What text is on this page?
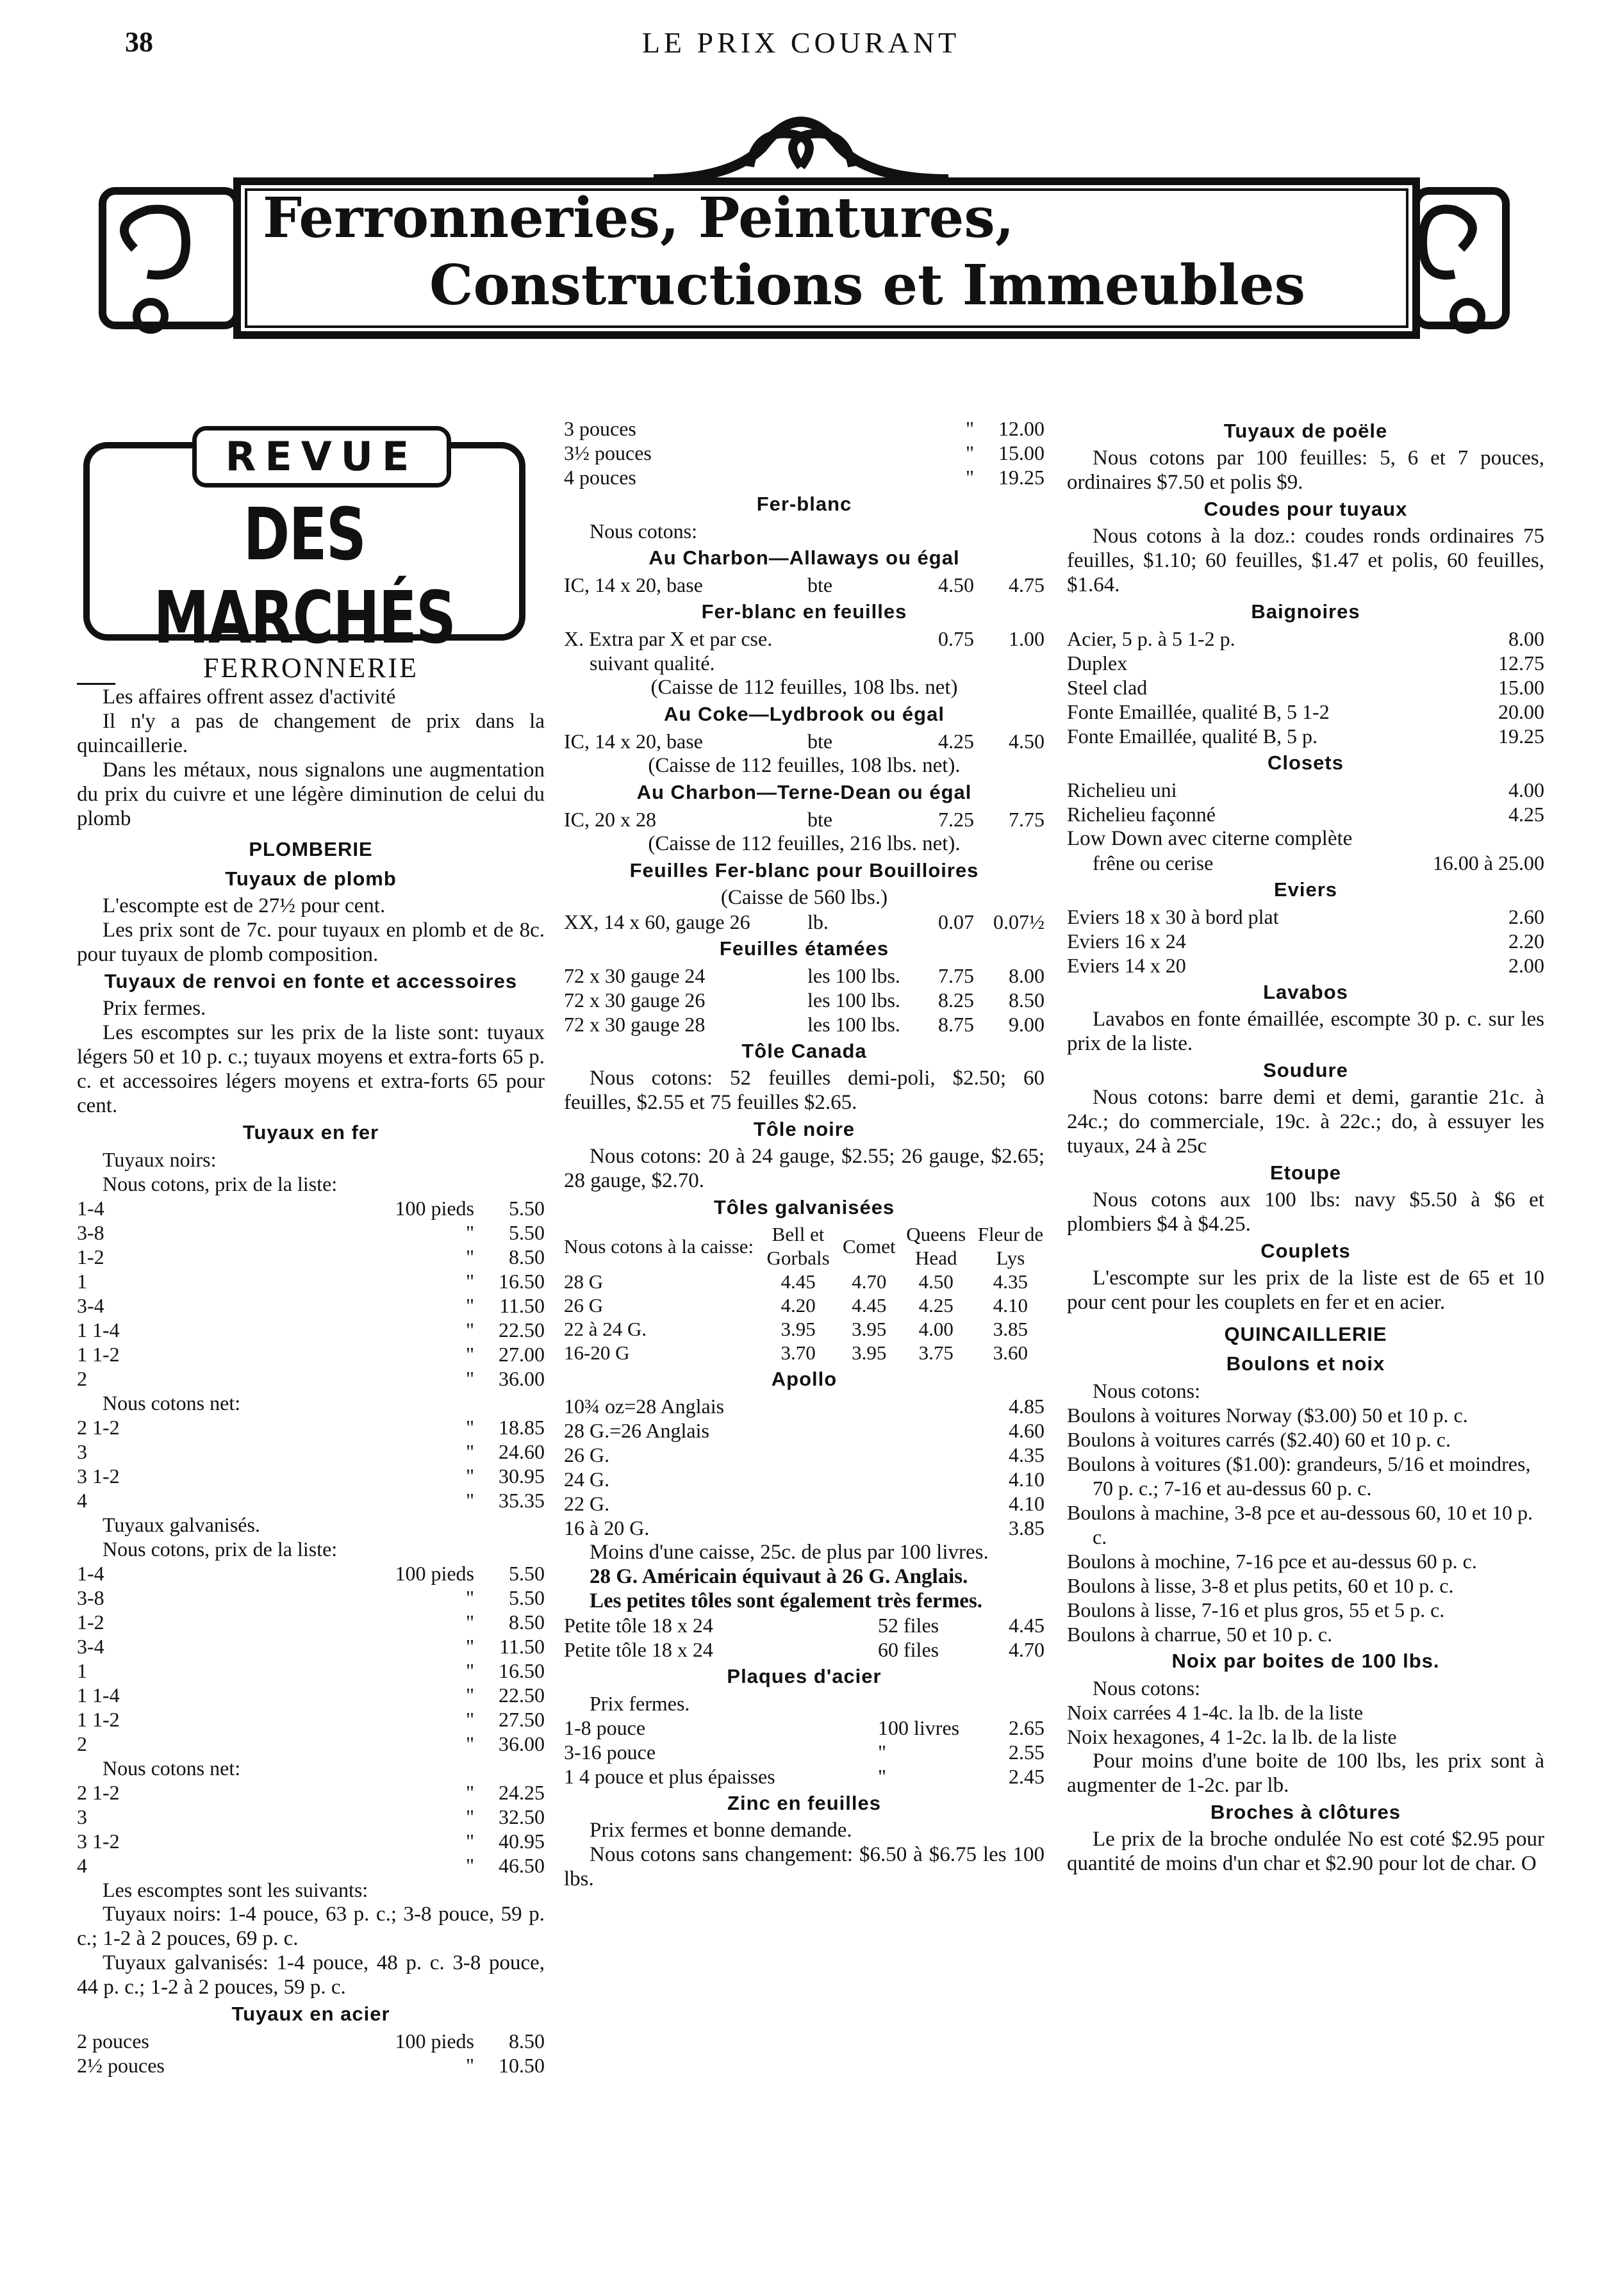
38	LE PRIX COURANT
Ferronneries, Peintures,
Constructions et Immeubles
REVUE
DES MARCHÉS
FERRONNERIE

Les affaires offrent assez d'activité

Il n'y a pas de changement de prix dans la quincaillerie.

Dans les métaux, nous signalons une augmentation du prix du cuivre et une légère diminution de celui du plomb

PLOMBERIE
Tuyaux de plomb

L'escompte est de 27½ pour cent.

Les prix sont de 7c. pour tuyaux en plomb et de 8c. pour tuyaux de plomb composition.

Tuyaux de renvoi en fonte et accessoires

Prix fermes.

Les escomptes sur les prix de la liste sont: tuyaux légers 50 et 10 p. c.; tuyaux moyens et extra-forts 65 p. c. et accessoires légers moyens et extra-forts 65 pour cent.

Tuyaux en fer
Tuyaux noirs:
Nous cotons, prix de la liste:
1-4	100 pieds	5.50
3-8	"	5.50
1-2	"	8.50
1	"	16.50
3-4	"	11.50
1 1-4	"	22.50
1 1-2	"	27.00
2	"	36.00
Nous cotons net:
2 1-2	"	18.85
3	"	24.60
3 1-2	"	30.95
4	"	35.35
Tuyaux galvanisés.
Nous cotons, prix de la liste:
1-4	100 pieds	5.50
3-8	"	5.50
1-2	"	8.50
3-4	"	11.50
1	"	16.50
1 1-4	"	22.50
1 1-2	"	27.50
2	"	36.00
Nous cotons net:
2 1-2	"	24.25
3	"	32.50
3 1-2	"	40.95
4	"	46.50
Les escomptes sont les suivants:

Tuyaux noirs: 1-4 pouce, 63 p. c.; 3-8 pouce, 59 p. c.; 1-2 à 2 pouces, 69 p. c.

Tuyaux galvanisés: 1-4 pouce, 48 p. c. 3-8 pouce, 44 p. c.; 1-2 à 2 pouces, 59 p. c.

Tuyaux en acier
2 pouces	100 pieds	8.50
2½ pouces	"	10.50
3 pouces	"	12.00
3½ pouces	"	15.00
4 pouces	"	19.25
Fer-blanc
Nous cotons:
Au Charbon—Allaways ou égal
IC, 14 x 20, base	bte	4.50	4.75
Fer-blanc en feuilles
X. Extra par X et par cse.	0.75	1.00
suivant qualité.
(Caisse de 112 feuilles, 108 lbs. net)
Au Coke—Lydbrook ou égal
IC, 14 x 20, base	bte	4.25	4.50
(Caisse de 112 feuilles, 108 lbs. net).
Au Charbon—Terne-Dean ou égal
IC, 20 x 28	bte	7.25	7.75
(Caisse de 112 feuilles, 216 lbs. net).
Feuilles Fer-blanc pour Bouilloires
(Caisse de 560 lbs.)
XX, 14 x 60, gauge 26	lb.	0.07 0.07½
Feuilles étamées
72 x 30 gauge 24	les 100 lbs.	7.75	8.00
72 x 30 gauge 26	les 100 lbs.	8.25	8.50
72 x 30 gauge 28	les 100 lbs.	8.75	9.00
Tôle Canada

Nous cotons: 52 feuilles demi-poli, $2.50; 60 feuilles, $2.55 et 75 feuilles $2.65.

Tôle noire

Nous cotons: 20 à 24 gauge, $2.55; 26 gauge, $2.65; 28 gauge, $2.70.

Tôles galvanisées
Nous cotons à la caisse:	Bell et Gorbals	Comet	Queens Head	Fleur de Lys
28 G	4.45	4.70	4.50	4.35
26 G	4.20	4.45	4.25	4.10
22 à 24 G.	3.95	3.95	4.00	3.85
16-20 G	3.70	3.95	3.75	3.60
Apollo
10¾ oz=28 Anglais	4.85
28 G.=26 Anglais	4.60
26 G.	4.35
24 G.	4.10
22 G.	4.10
16 à 20 G.	3.85

Moins d'une caisse, 25c. de plus par 100 livres.

28 G. Américain équivaut à 26 G. Anglais.

Les petites tôles sont également très fermes.

Petite tôle 18 x 24	52 files	4.45
Petite tôle 18 x 24	60 files	4.70
Plaques d'acier
Prix fermes.
1-8 pouce	100 livres	2.65
3-16 pouce	"	2.55
1 4 pouce et plus épaisses	"	2.45
Zinc en feuilles

Prix fermes et bonne demande.

Nous cotons sans changement: $6.50 à $6.75 les 100 lbs.

Tuyaux de poële

Nous cotons par 100 feuilles: 5, 6 et 7 pouces, ordinaires $7.50 et polis $9.

Coudes pour tuyaux

Nous cotons à la doz.: coudes ronds ordinaires 75 feuilles, $1.10; 60 feuilles, $1.47 et polis, 60 feuilles, $1.64.

Baignoires
Acier, 5 p. à 5 1-2 p.	8.00
Duplex	12.75
Steel clad	15.00
Fonte Emaillée, qualité B, 5 1-2	20.00
Fonte Emaillée, qualité B, 5 p.	19.25
Closets
Richelieu uni	4.00
Richelieu façonné	4.25
Low Down avec citerne complète
frêne ou cerise	16.00 à 25.00
Eviers
Eviers 18 x 30 à bord plat	2.60
Eviers 16 x 24	2.20
Eviers 14 x 20	2.00
Lavabos

Lavabos en fonte émaillée, escompte 30 p. c. sur les prix de la liste.

Soudure

Nous cotons: barre demi et demi, garantie 21c. à 24c.; do commerciale, 19c. à 22c.; do, à essuyer les tuyaux, 24 à 25c

Etoupe

Nous cotons aux 100 lbs: navy $5.50 à $6 et plombiers $4 à $4.25.

Couplets

L'escompte sur les prix de la liste est de 65 et 10 pour cent pour les couplets en fer et en acier.

QUINCAILLERIE
Boulons et noix
Nous cotons:
Boulons à voitures Norway ($3.00) 50 et 10 p. c.
Boulons à voitures carrés ($2.40) 60 et 10 p. c.
Boulons à voitures ($1.00): grandeurs, 5/16 et moindres, 70 p. c.; 7-16 et au-dessus 60 p. c.
Boulons à machine, 3-8 pce et au-dessous 60, 10 et 10 p. c.
Boulons à mochine, 7-16 pce et au-dessus 60 p. c.
Boulons à lisse, 3-8 et plus petits, 60 et 10 p. c.
Boulons à lisse, 7-16 et plus gros, 55 et 5 p. c.
Boulons à charrue, 50 et 10 p. c.
Noix par boites de 100 lbs.
Nous cotons:
Noix carrées 4 1-4c. la lb. de la liste
Noix hexagones, 4 1-2c. la lb. de la liste

Pour moins d'une boite de 100 lbs, les prix sont à augmenter de 1-2c. par lb.

Broches à clôtures

Le prix de la broche ondulée No est coté $2.95 pour quantité de moins d'un char et $2.90 pour lot de char. O
